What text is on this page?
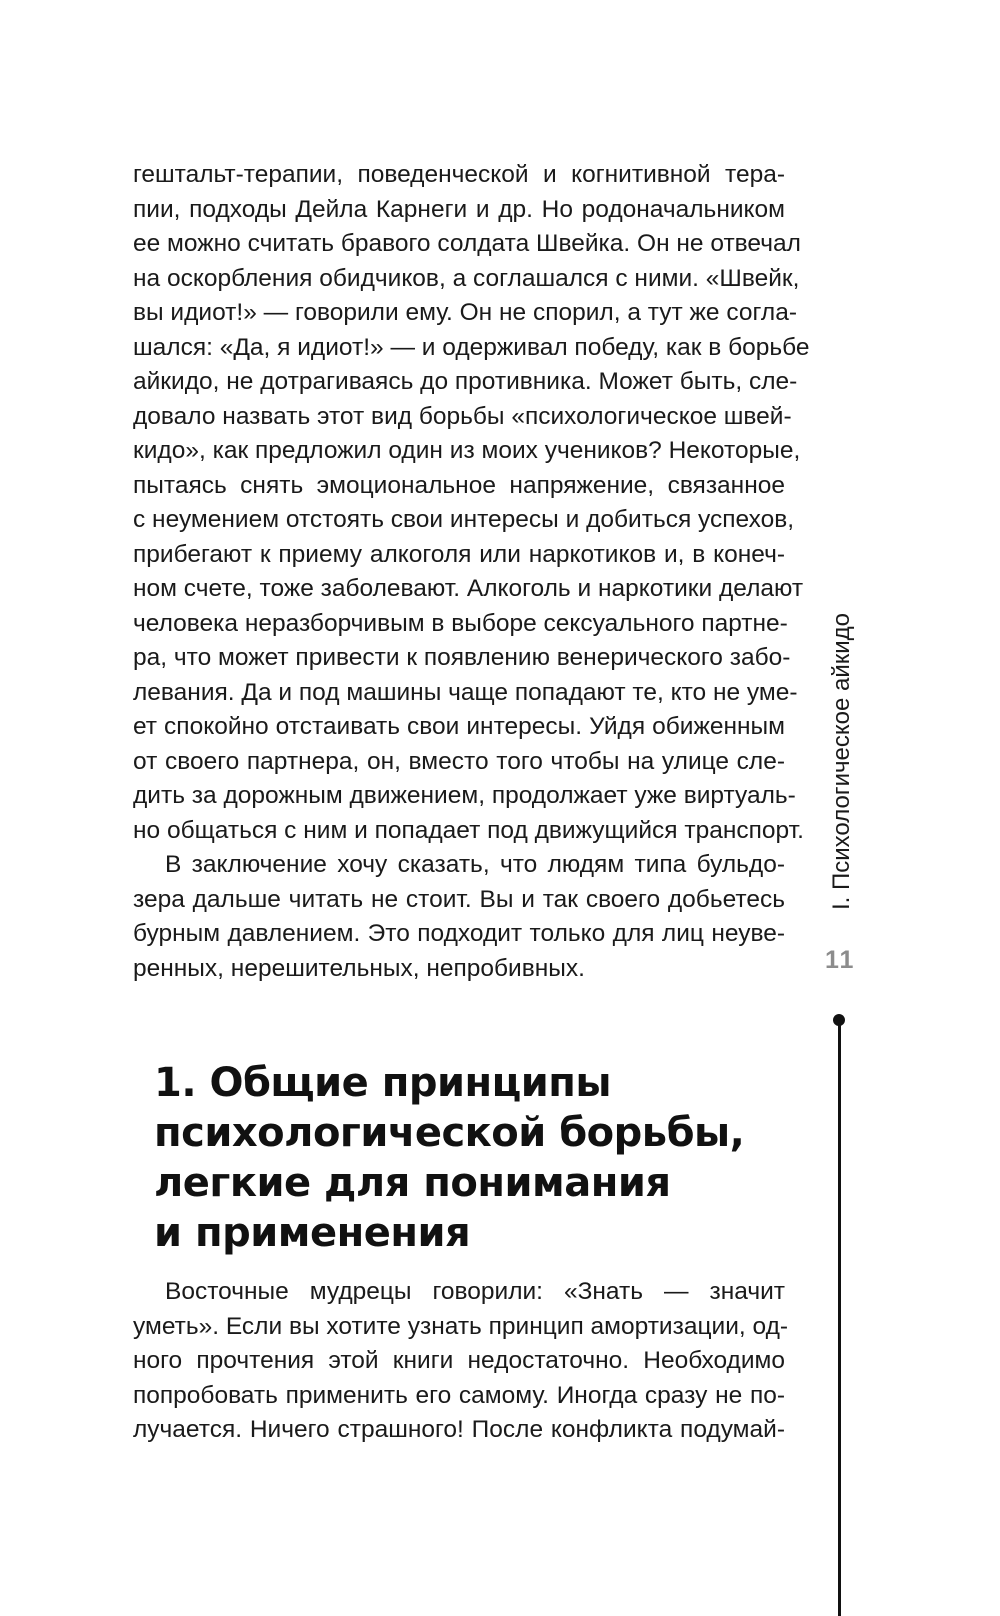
гештальт-терапии, поведенческой и когнитивной тера-
пии, подходы Дейла Карнеги и др. Но родоначальником
ее можно считать бравого солдата Швейка. Он не отвечал
на оскорбления обидчиков, а соглашался с ними. «Швейк,
вы идиот!» — говорили ему. Он не спорил, а тут же согла-
шался: «Да, я идиот!» — и одерживал победу, как в борьбе
айкидо, не дотрагиваясь до противника. Может быть, сле-
довало назвать этот вид борьбы «психологическое швей-
кидо», как предложил один из моих учеников? Некоторые,
пытаясь снять эмоциональное напряжение, связанное
с неумением отстоять свои интересы и добиться успехов,
прибегают к приему алкоголя или наркотиков и, в конеч-
ном счете, тоже заболевают. Алкоголь и наркотики делают
человека неразборчивым в выборе сексуального партне-
ра, что может привести к появлению венерического забо-
левания. Да и под машины чаще попадают те, кто не уме-
ет спокойно отстаивать свои интересы. Уйдя обиженным
от своего партнера, он, вместо того чтобы на улице сле-
дить за дорожным движением, продолжает уже виртуаль-
но общаться с ним и попадает под движущийся транспорт.

В заключение хочу сказать, что людям типа бульдо-
зера дальше читать не стоит. Вы и так своего добьетесь
бурным давлением. Это подходит только для лиц неуве-
ренных, нерешительных, непробивных.

1. Общие принципы
психологической борьбы,
легкие для понимания
и применения

Восточные мудрецы говорили: «Знать — значит
уметь». Если вы хотите узнать принцип амортизации, од-
ного прочтения этой книги недостаточно. Необходимо
попробовать применить его самому. Иногда сразу не по-
лучается. Ничего страшного! После конфликта подумай-

I. Психологическое айкидо
11
